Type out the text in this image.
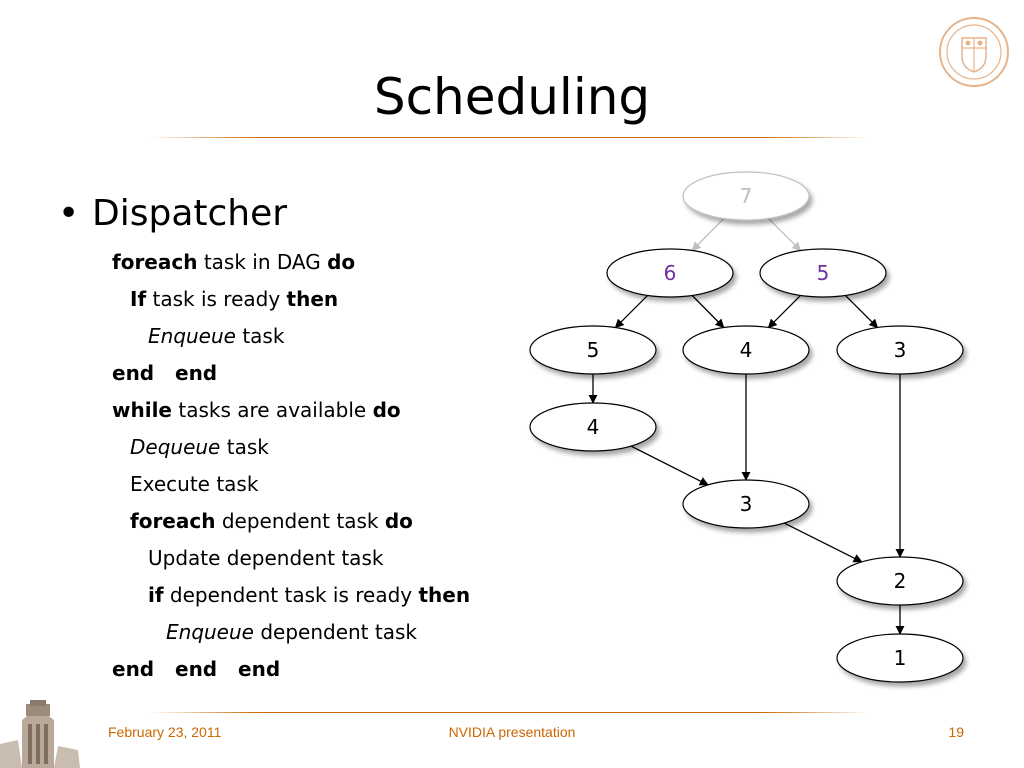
Scheduling
• Dispatcher
foreach task in DAG do
If task is ready then
Enqueue task
end   end
while tasks are available do
Dequeue task
Execute task
foreach dependent task do
Update dependent task
if dependent task is ready then
Enqueue dependent task
end   end   end
7
6	5
5	4	3
4
3
2
1
February 23, 2011	NVIDIA presentation	19
